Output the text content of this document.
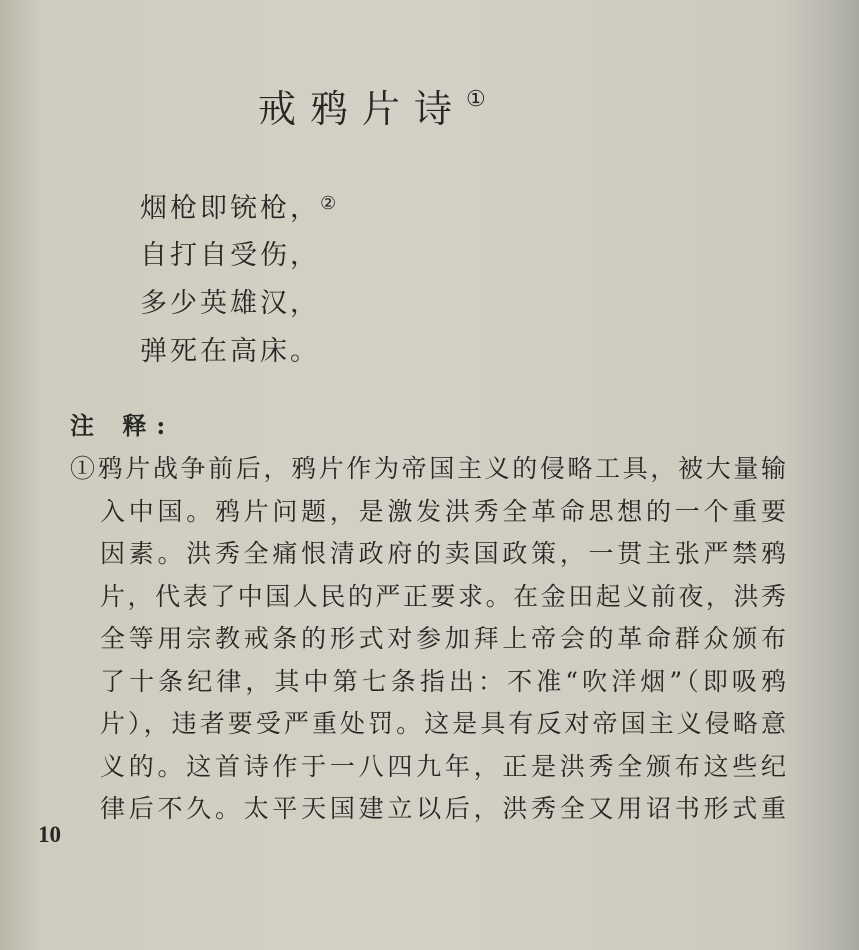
戒鸦片诗①
烟枪即铳枪，②
自打自受伤，
多少英雄汉，
弹死在高床。
注 释:
①鸦片战争前后，鸦片作为帝国主义的侵略工具，被大量输
入中国。鸦片问题，是激发洪秀全革命思想的一个重要
因素。洪秀全痛恨清政府的卖国政策，一贯主张严禁鸦
片，代表了中国人民的严正要求。在金田起义前夜，洪秀
全等用宗教戒条的形式对参加拜上帝会的革命群众颁布
了十条纪律，其中第七条指出：不准“吹洋烟”（即吸鸦
片），违者要受严重处罚。这是具有反对帝国主义侵略意
义的。这首诗作于一八四九年，正是洪秀全颁布这些纪
律后不久。太平天国建立以后，洪秀全又用诏书形式重
10
